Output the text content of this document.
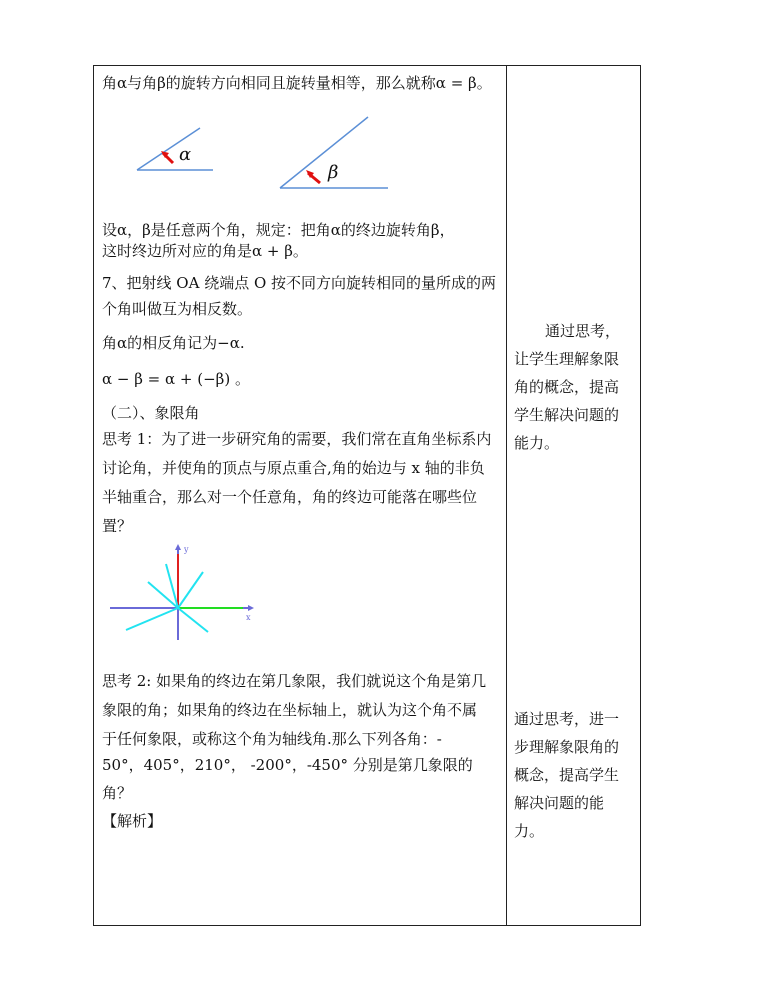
角α与角β的旋转方向相同且旋转量相等，那么就称α = β。
α
β
设α，β是任意两个角，规定：把角α的终边旋转角β，
这时终边所对应的角是α + β。
7、把射线 OA 绕端点 O 按不同方向旋转相同的量所成的两
个角叫做互为相反数。
角α的相反角记为−α.
α − β = α + (−β) 。
（二）、象限角
思考 1：为了进一步研究角的需要，我们常在直角坐标系内
讨论角，并使角的顶点与原点重合,角的始边与 x 轴的非负
半轴重合，那么对一个任意角，角的终边可能落在哪些位
置？
x
y
思考 2: 如果角的终边在第几象限，我们就说这个角是第几
象限的角；如果角的终边在坐标轴上，就认为这个角不属
于任何象限，或称这个角为轴线角.那么下列各角：-
50°，405°，210°， -200°，-450° 分别是第几象限的
角？
【解析】
通过思考，
让学生理解象限
角的概念，提高
学生解决问题的
能力。
通过思考，进一
步理解象限角的
概念，提高学生
解决问题的能
力。
